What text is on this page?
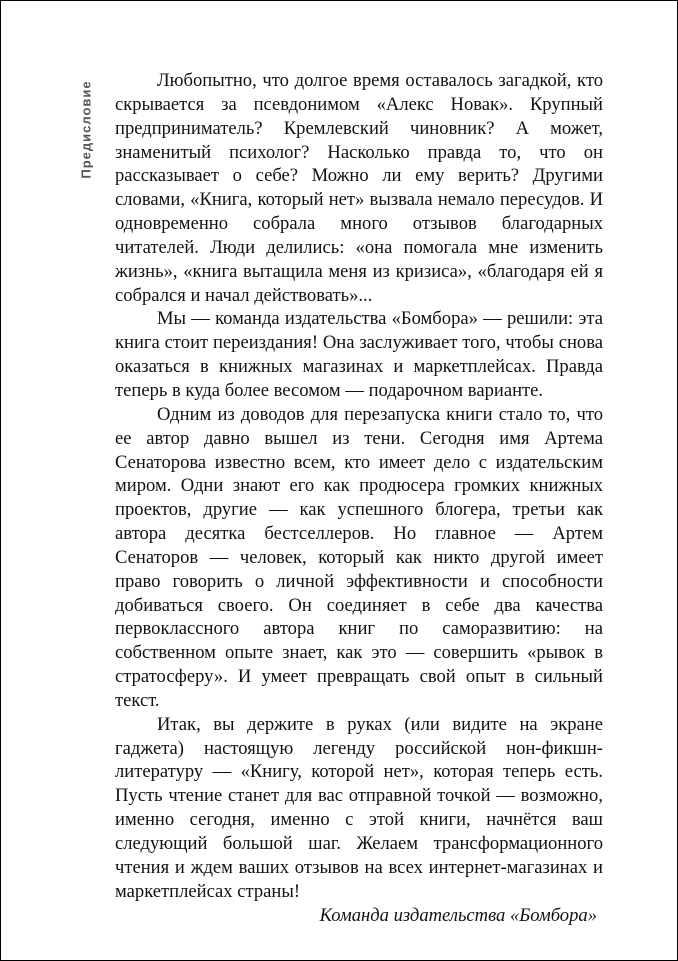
Предисловие	Любопытно, что долгое время оставалось загадкой, кто скрывается за псевдонимом «Алекс Новак». Крупный предприниматель? Кремлевский чиновник? А может, знаменитый психолог? Насколько правда то, что он рассказывает о себе? Можно ли ему верить? Другими словами, «Книга, который нет» вызвала немало пересудов. И одновременно собрала много отзывов благодарных читателей. Люди делились: «она помогала мне изменить жизнь», «книга вытащила меня из кризиса», «благодаря ей я собрался и начал действовать»...

Мы — команда издательства «Бомбора» — решили: эта книга стоит переиздания! Она заслуживает того, чтобы снова оказаться в книжных магазинах и маркетплейсах. Правда теперь в куда более весомом — подарочном варианте.

Одним из доводов для перезапуска книги стало то, что ее автор давно вышел из тени. Сегодня имя Артема Сенаторова известно всем, кто имеет дело с издательским миром. Одни знают его как продюсера громких книжных проектов, другие — как успешного блогера, третьи как автора десятка бестселлеров. Но главное — Артем Сенаторов — человек, который как никто другой имеет право говорить о личной эффективности и способности добиваться своего. Он соединяет в себе два качества первоклассного автора книг по саморазвитию: на собственном опыте знает, как это — совершить «рывок в стратосферу». И умеет превращать свой опыт в сильный текст.

Итак, вы держите в руках (или видите на экране гаджета) настоящую легенду российской нон-фикшн-литературу — «Книгу, которой нет», которая теперь есть. Пусть чтение станет для вас отправной точкой — возможно, именно сегодня, именно с этой книги, начнётся ваш следующий большой шаг. Желаем трансформационного чтения и ждем ваших отзывов на всех интернет-магазинах и маркетплейсах страны!

Команда издательства «Бомбора»
